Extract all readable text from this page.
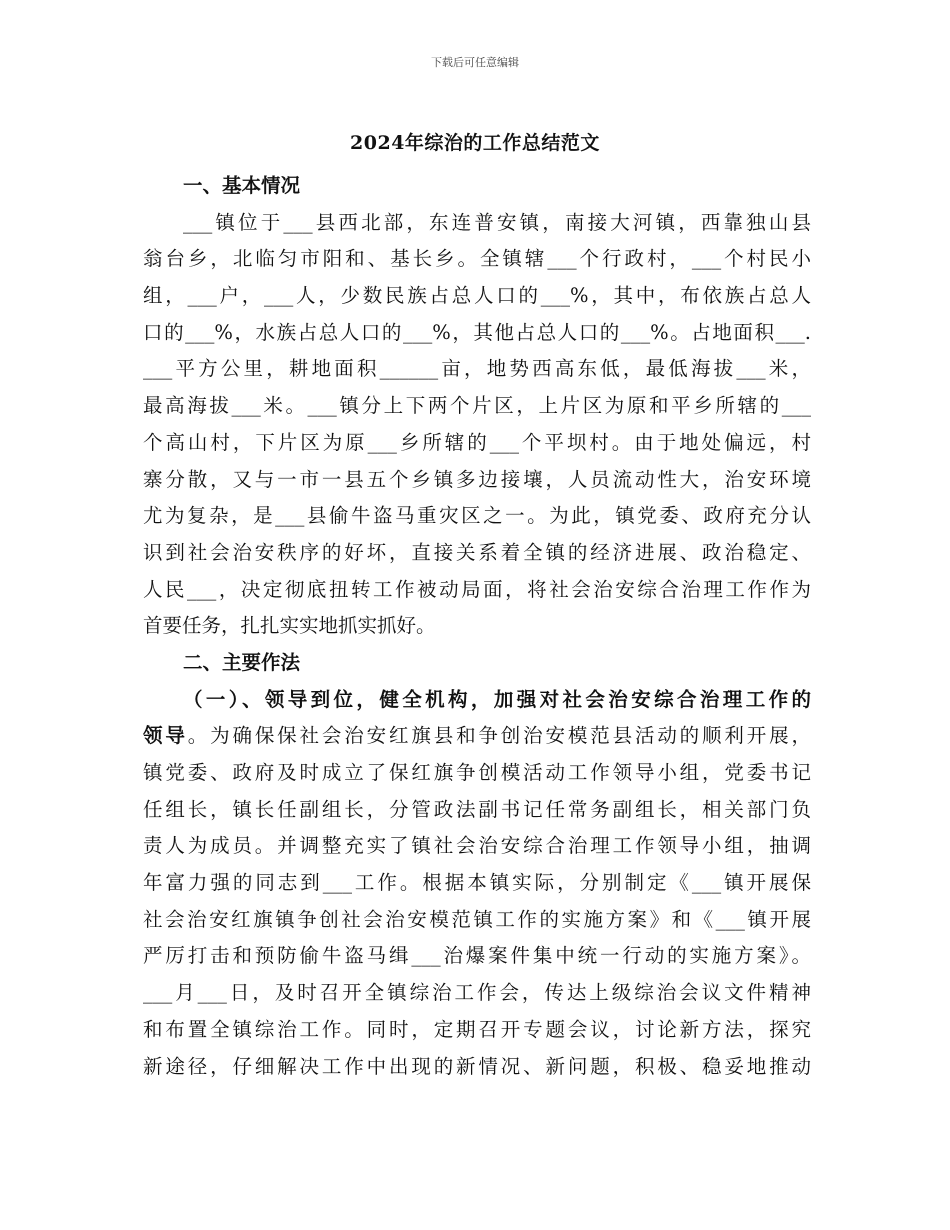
下载后可任意编辑
2024年综治的工作总结范文
一、基本情况
___镇位于___县西北部，东连普安镇，南接大河镇，西靠独山县
翁台乡，北临匀市阳和、基长乡。全镇辖___个行政村，___个村民小
组，___户，___人，少数民族占总人口的___%，其中，布依族占总人
口的___%，水族占总人口的___%，其他占总人口的___%。占地面积___.
___平方公里，耕地面积______亩，地势西高东低，最低海拔___米，
最高海拔___米。___镇分上下两个片区，上片区为原和平乡所辖的___
个高山村，下片区为原___乡所辖的___个平坝村。由于地处偏远，村
寨分散，又与一市一县五个乡镇多边接壤，人员流动性大，治安环境
尤为复杂，是___县偷牛盗马重灾区之一。为此，镇党委、政府充分认
识到社会治安秩序的好坏，直接关系着全镇的经济进展、政治稳定、
人民___，决定彻底扭转工作被动局面，将社会治安综合治理工作作为
首要任务，扎扎实实地抓实抓好。
二、主要作法
（一）、领导到位，健全机构，加强对社会治安综合治理工作的
领导。为确保保社会治安红旗县和争创治安模范县活动的顺利开展，
镇党委、政府及时成立了保红旗争创模活动工作领导小组，党委书记
任组长，镇长任副组长，分管政法副书记任常务副组长，相关部门负
责人为成员。并调整充实了镇社会治安综合治理工作领导小组，抽调
年富力强的同志到___工作。根据本镇实际，分别制定《___镇开展保
社会治安红旗镇争创社会治安模范镇工作的实施方案》和《___镇开展
严厉打击和预防偷牛盗马缉___治爆案件集中统一行动的实施方案》。
___月___日，及时召开全镇综治工作会，传达上级综治会议文件精神
和布置全镇综治工作。同时，定期召开专题会议，讨论新方法，探究
新途径，仔细解决工作中出现的新情况、新问题，积极、稳妥地推动
